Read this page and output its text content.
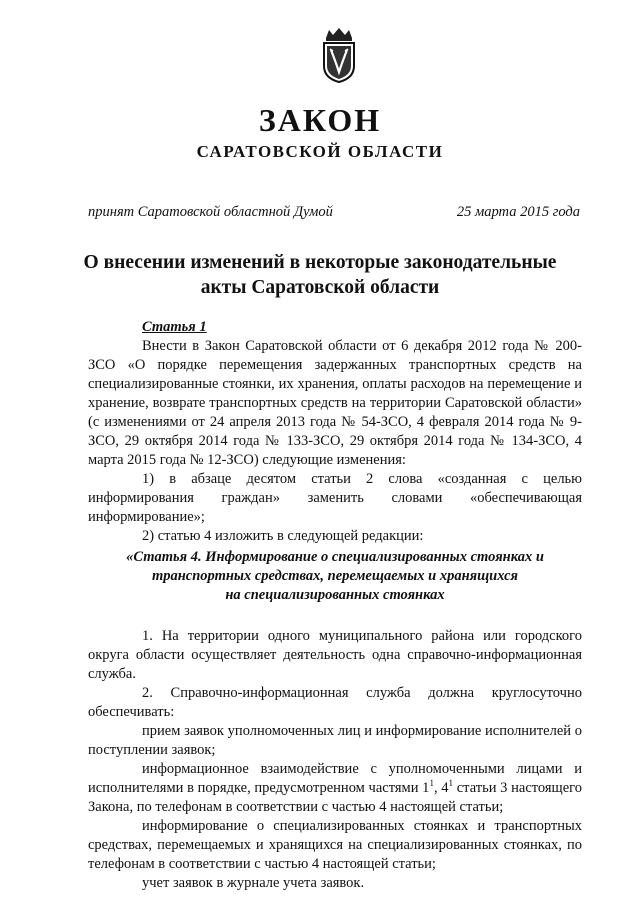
ЗАКОН
САРАТОВСКОЙ ОБЛАСТИ
принят Саратовской областной Думой	25 марта 2015 года
О внесении изменений в некоторые законодательные
акты Саратовской области

Статья 1

Внести в Закон Саратовской области от 6 декабря 2012 года № 200-ЗСО «О порядке перемещения задержанных транспортных средств на специализированные стоянки, их хранения, оплаты расходов на перемещение и хранение, возврате транспортных средств на территории Саратовской области» (с изменениями от 24 апреля 2013 года № 54-ЗСО, 4 февраля 2014 года № 9-ЗСО, 29 октября 2014 года № 133-ЗСО, 29 октября 2014 года № 134-ЗСО, 4 марта 2015 года № 12-ЗСО) следующие изменения:

1) в абзаце десятом статьи 2 слова «созданная с целью информирования граждан» заменить словами «обеспечивающая информирование»;

2) статью 4 изложить в следующей редакции:

«Статья 4. Информирование о специализированных стоянках и
транспортных средствах, перемещаемых и хранящихся
на специализированных стоянках

1. На территории одного муниципального района или городского округа области осуществляет деятельность одна справочно-информационная служба.

2. Справочно-информационная служба должна круглосуточно обеспечивать:

прием заявок уполномоченных лиц и информирование исполнителей о поступлении заявок;

информационное взаимодействие с уполномоченными лицами и исполнителями в порядке, предусмотренном частями $1^1$, $4^1$ статьи 3 настоящего Закона, по телефонам в соответствии с частью 4 настоящей статьи;

информирование о специализированных стоянках и транспортных средствах, перемещаемых и хранящихся на специализированных стоянках, по телефонам в соответствии с частью 4 настоящей статьи;

учет заявок в журнале учета заявок.
